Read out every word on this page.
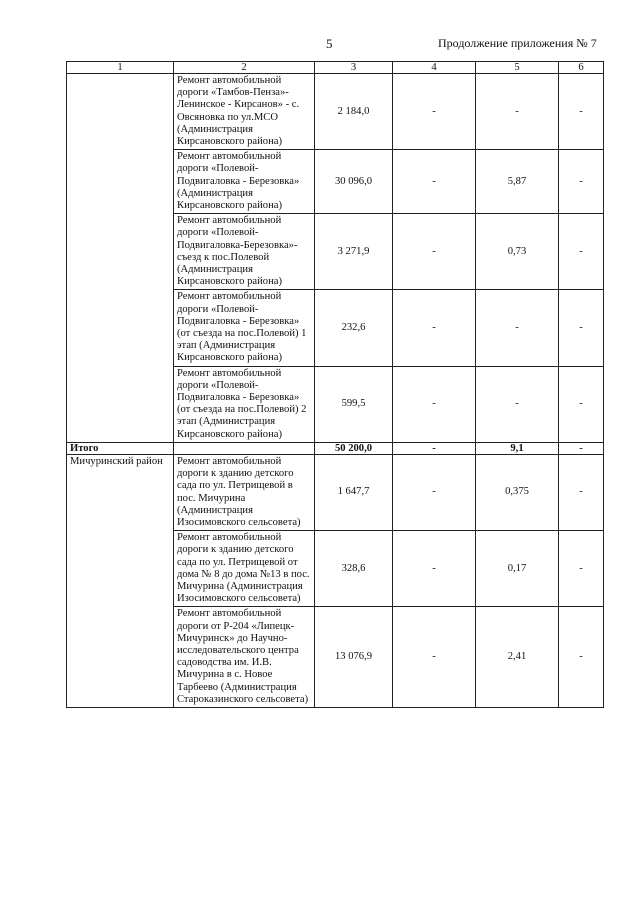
5	Продолжение приложения № 7
1	2	3	4	5	6
	Ремонт автомобильной дороги «Тамбов-Пенза»-Ленинское - Кирсанов» - с. Овсяновка по ул.МСО (Администрация Кирсановского района)	2 184,0	-	-	-
	Ремонт автомобильной дороги «Полевой-Подвигаловка - Березовка» (Администрация Кирсановского района)	30 096,0	-	5,87	-
	Ремонт автомобильной дороги «Полевой-Подвигаловка-Березовка»-съезд к пос.Полевой (Администрация Кирсановского района)	3 271,9	-	0,73	-
	Ремонт автомобильной дороги «Полевой-Подвигаловка - Березовка» (от съезда на пос.Полевой) 1 этап (Администрация Кирсановского района)	232,6	-	-	-
	Ремонт автомобильной дороги «Полевой-Подвигаловка - Березовка» (от съезда на пос.Полевой) 2 этап (Администрация Кирсановского района)	599,5	-	-	-
Итого		50 200,0	-	9,1	-
Мичуринский район	Ремонт автомобильной дороги к зданию детского сада по ул. Петрищевой в пос. Мичурина (Администрация Изосимовского сельсовета)	1 647,7	-	0,375	-
	Ремонт автомобильной дороги к зданию детского сада по ул. Петрищевой от дома № 8 до дома №13 в пос. Мичурина (Администрация Изосимовского сельсовета)	328,6	-	0,17	-
	Ремонт автомобильной дороги от Р-204 «Липецк-Мичуринск» до Научно-исследовательского центра садоводства им. И.В. Мичурина в с. Новое Тарбеево (Администрация Староказинского сельсовета)	13 076,9	-	2,41	-
